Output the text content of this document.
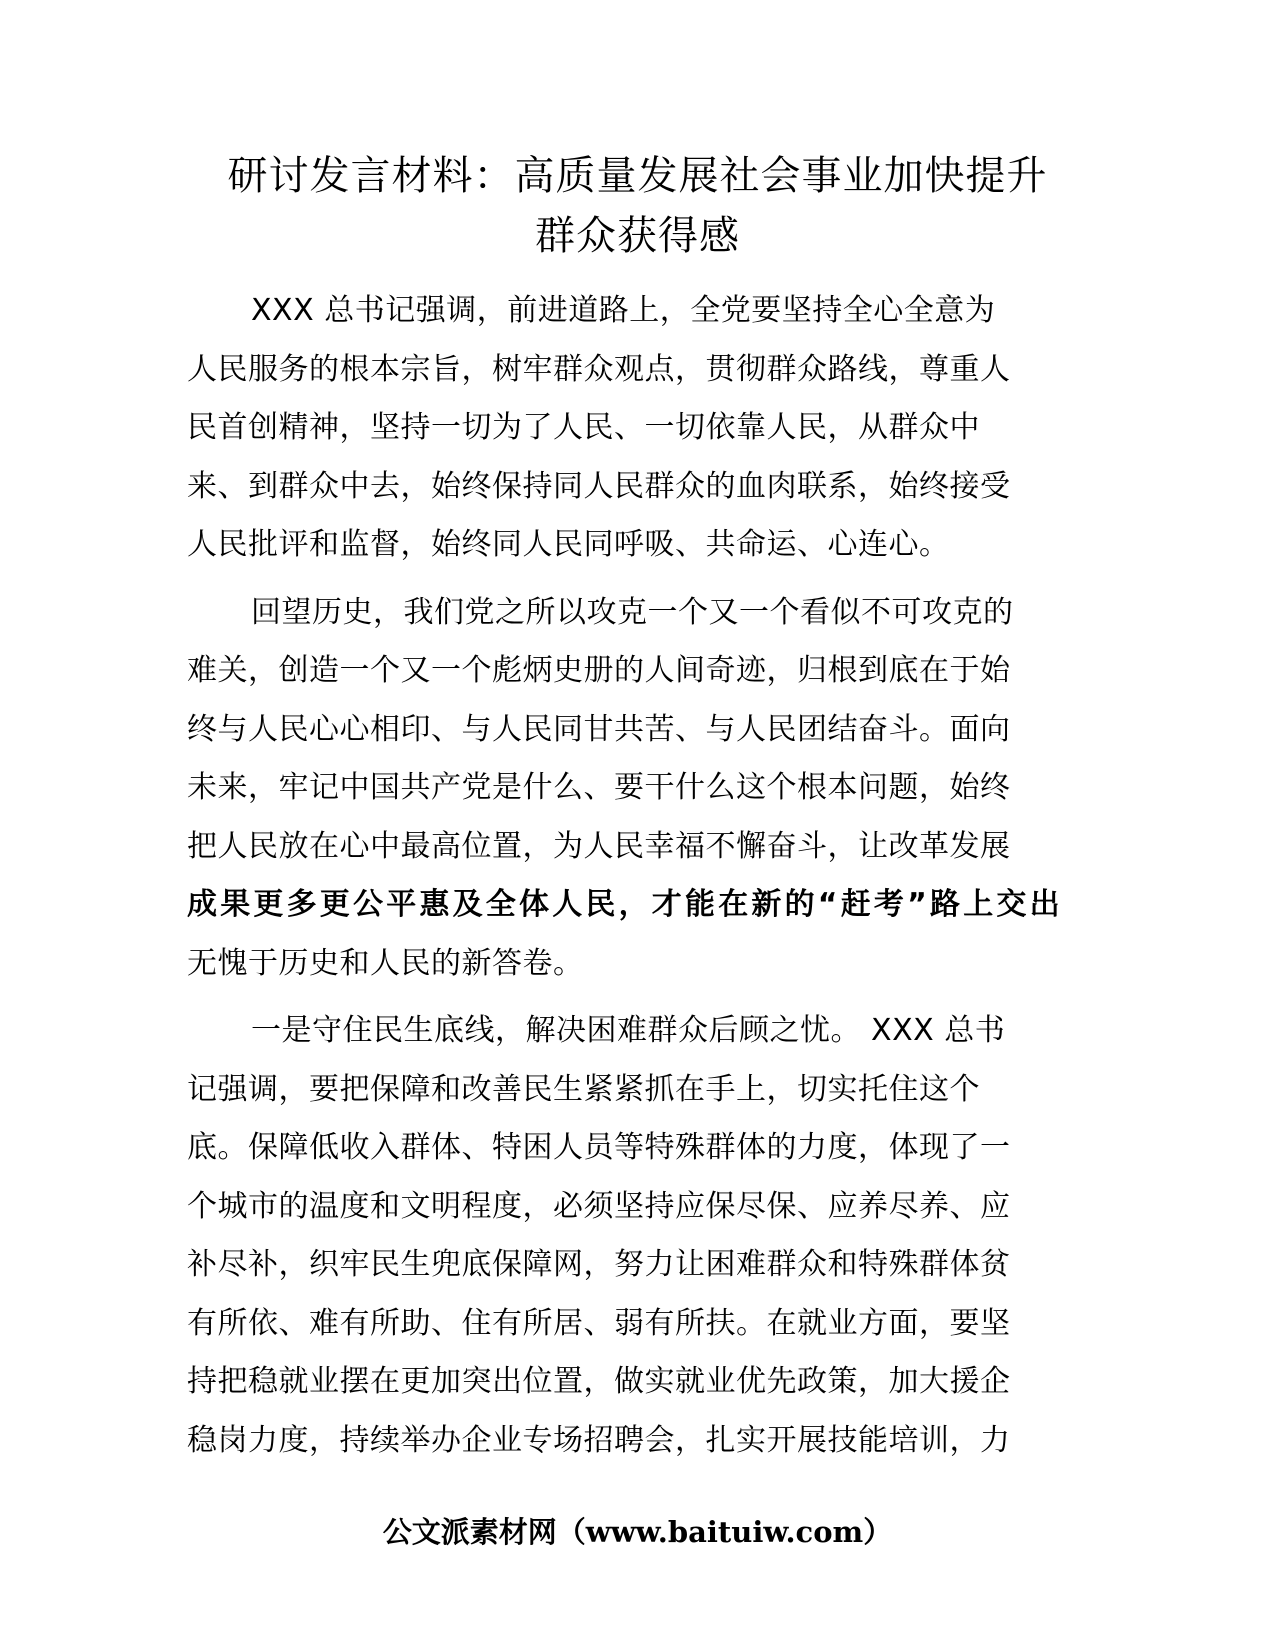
研讨发言材料：高质量发展社会事业加快提升
群众获得感

XXX 总书记强调，前进道路上，全党要坚持全心全意为
人民服务的根本宗旨，树牢群众观点，贯彻群众路线，尊重人
民首创精神，坚持一切为了人民、一切依靠人民，从群众中
来、到群众中去，始终保持同人民群众的血肉联系，始终接受
人民批评和监督，始终同人民同呼吸、共命运、心连心。

回望历史，我们党之所以攻克一个又一个看似不可攻克的
难关，创造一个又一个彪炳史册的人间奇迹，归根到底在于始
终与人民心心相印、与人民同甘共苦、与人民团结奋斗。面向
未来，牢记中国共产党是什么、要干什么这个根本问题，始终
把人民放在心中最高位置，为人民幸福不懈奋斗，让改革发展
成果更多更公平惠及全体人民，才能在新的“赶考”路上交出
无愧于历史和人民的新答卷。

一是守住民生底线，解决困难群众后顾之忧。 XXX 总书
记强调，要把保障和改善民生紧紧抓在手上，切实托住这个
底。保障低收入群体、特困人员等特殊群体的力度，体现了一
个城市的温度和文明程度，必须坚持应保尽保、应养尽养、应
补尽补，织牢民生兜底保障网，努力让困难群众和特殊群体贫
有所依、难有所助、住有所居、弱有所扶。在就业方面，要坚
持把稳就业摆在更加突出位置，做实就业优先政策，加大援企
稳岗力度，持续举办企业专场招聘会，扎实开展技能培训，力

公文派素材网（www.baituiw.com）
